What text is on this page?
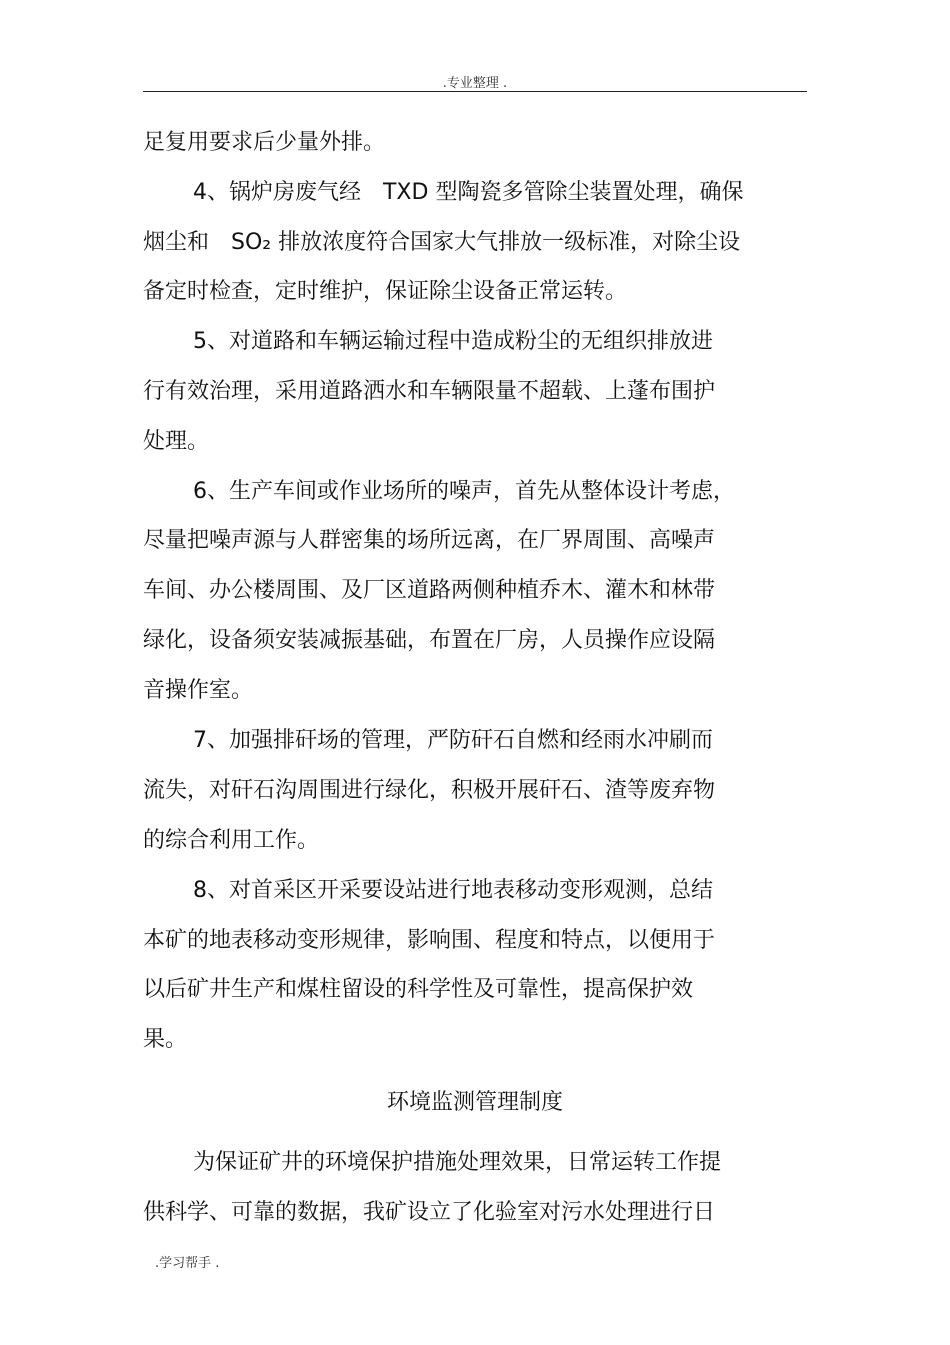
.专业整理 .
足复用要求后少量外排。
4、锅炉房废气经　TXD 型陶瓷多管除尘装置处理，确保
烟尘和　SO₂ 排放浓度符合国家大气排放一级标准，对除尘设
备定时检查，定时维护，保证除尘设备正常运转。
5、对道路和车辆运输过程中造成粉尘的无组织排放进
行有效治理，采用道路洒水和车辆限量不超载、上蓬布围护
处理。
6、生产车间或作业场所的噪声，首先从整体设计考虑，
尽量把噪声源与人群密集的场所远离，在厂界周围、高噪声
车间、办公楼周围、及厂区道路两侧种植乔木、灌木和林带
绿化，设备须安装减振基础，布置在厂房，人员操作应设隔
音操作室。
7、加强排矸场的管理，严防矸石自燃和经雨水冲刷而
流失，对矸石沟周围进行绿化，积极开展矸石、渣等废弃物
的综合利用工作。
8、对首采区开采要设站进行地表移动变形观测，总结
本矿的地表移动变形规律，影响围、程度和特点，以便用于
以后矿井生产和煤柱留设的科学性及可靠性，提高保护效
果。
环境监测管理制度
为保证矿井的环境保护措施处理效果，日常运转工作提
供科学、可靠的数据，我矿设立了化验室对污水处理进行日
.学习帮手 .
